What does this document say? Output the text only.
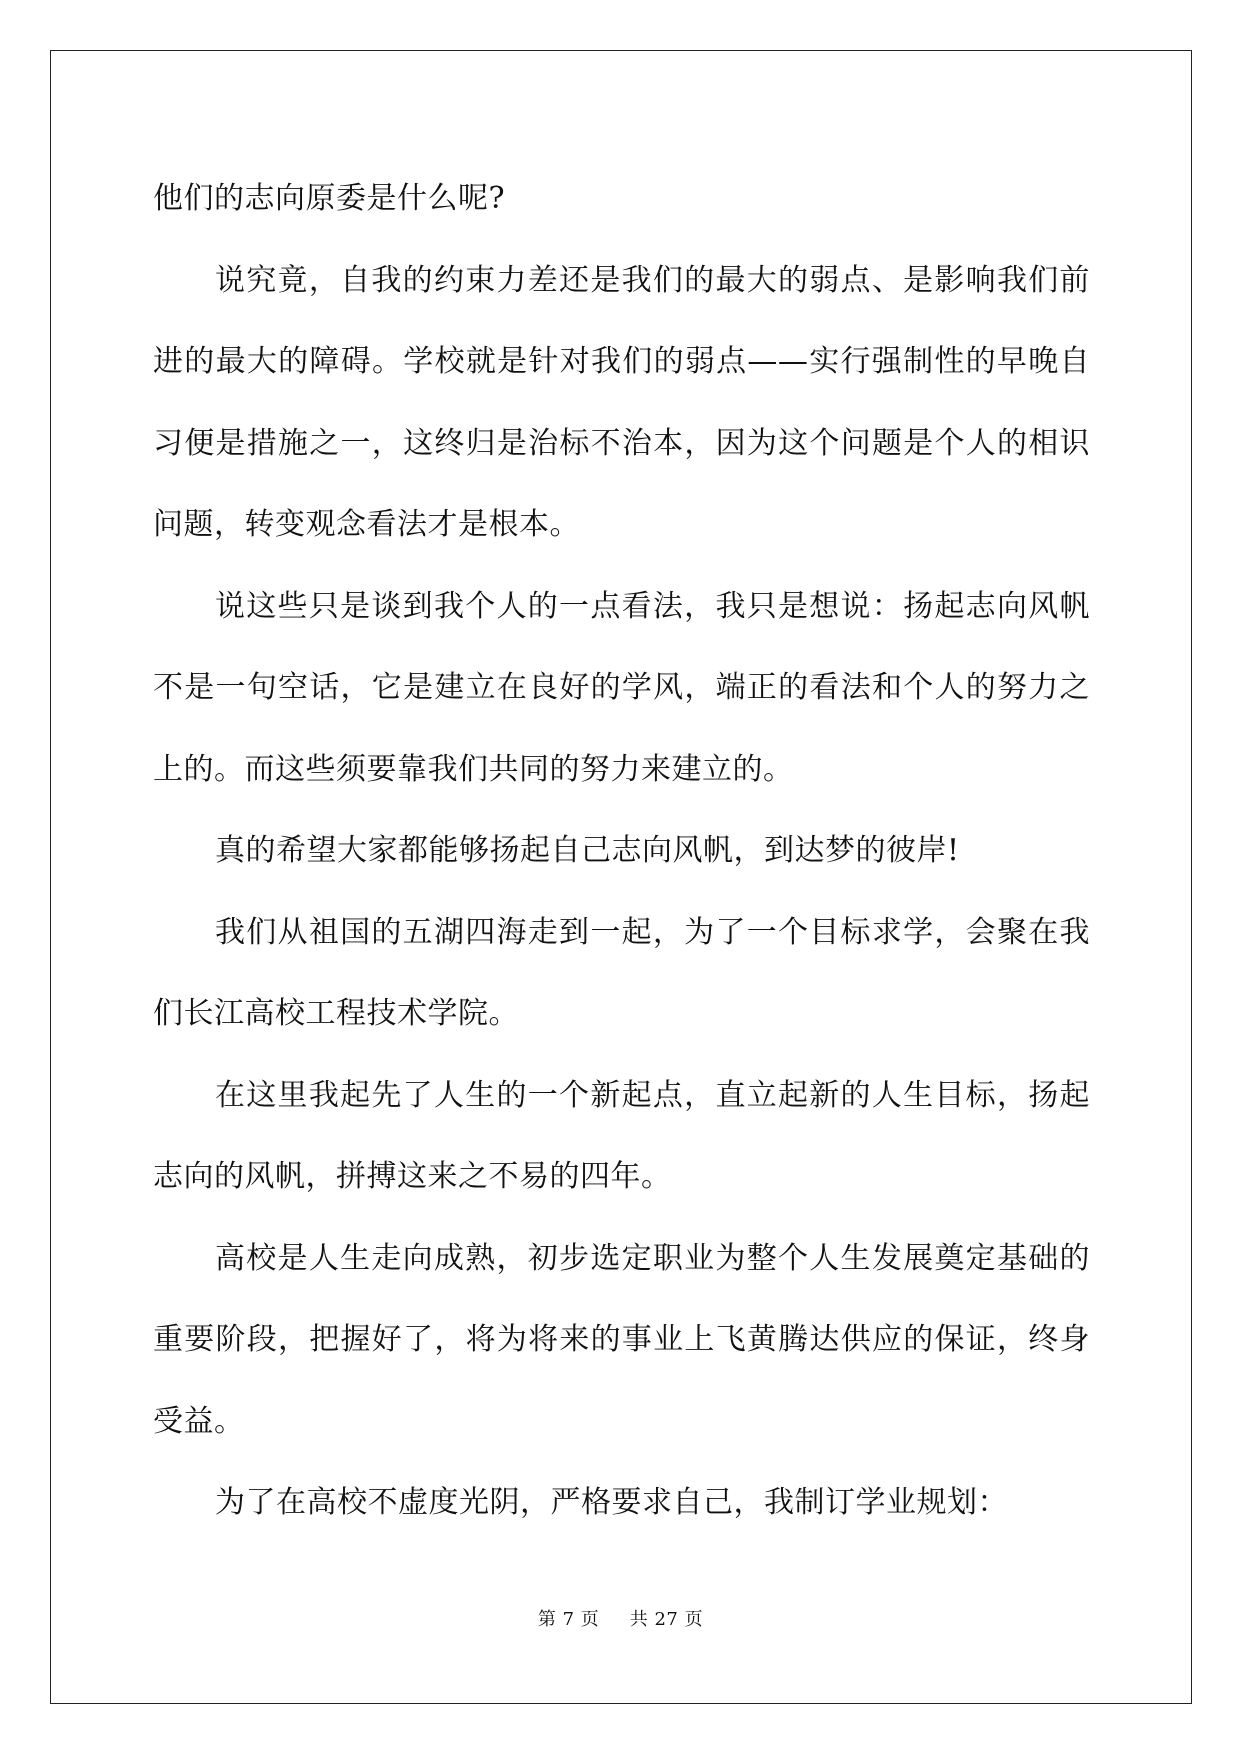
他们的志向原委是什么呢?

说究竟，自我的约束力差还是我们的最大的弱点、是影响我们前
进的最大的障碍。学校就是针对我们的弱点——实行强制性的早晚自
习便是措施之一，这终归是治标不治本，因为这个问题是个人的相识
问题，转变观念看法才是根本。

说这些只是谈到我个人的一点看法，我只是想说：扬起志向风帆
不是一句空话，它是建立在良好的学风，端正的看法和个人的努力之
上的。而这些须要靠我们共同的努力来建立的。

真的希望大家都能够扬起自己志向风帆，到达梦的彼岸!

我们从祖国的五湖四海走到一起，为了一个目标求学，会聚在我
们长江高校工程技术学院。

在这里我起先了人生的一个新起点，直立起新的人生目标，扬起
志向的风帆，拼搏这来之不易的四年。

高校是人生走向成熟，初步选定职业为整个人生发展奠定基础的
重要阶段，把握好了，将为将来的事业上飞黄腾达供应的保证，终身
受益。

为了在高校不虚度光阴，严格要求自己，我制订学业规划：

第 7 页 共 27 页
